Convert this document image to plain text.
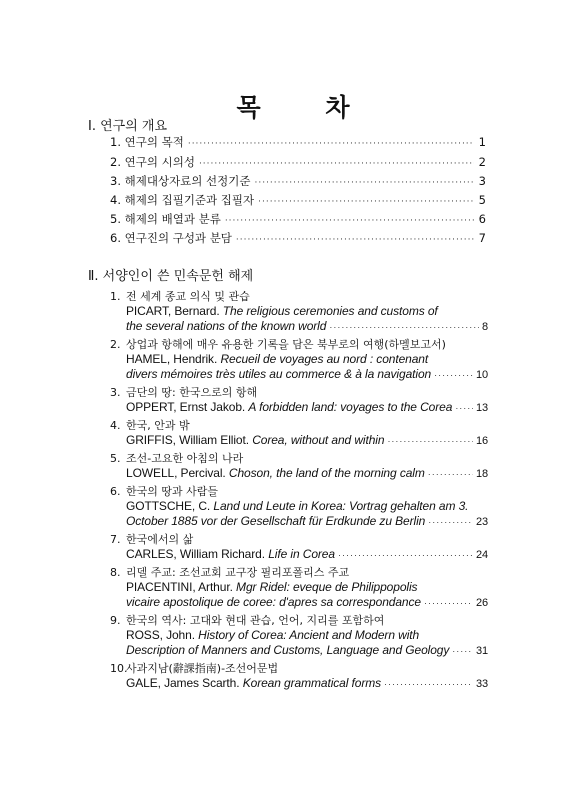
목 차
Ⅰ. 연구의 개요
1. 연구의 목적 ·····	1
2. 연구의 시의성 ·····	2
3. 해제대상자료의 선정기준 ·····	3
4. 해제의 집필기준과 집필자 ·····	5
5. 해제의 배열과 분류 ·····	6
6. 연구진의 구성과 분담 ·····	7
Ⅱ. 서양인이 쓴 민속문헌 해제
1. 전 세계 종교 의식 및 관습
PICART, Bernard. The religious ceremonies and customs of
the several nations of the known world ·····	8
2. 상업과 항해에 매우 유용한 기록을 담은 북부로의 여행(하멜보고서)
HAMEL, Hendrik. Recueil de voyages au nord : contenant
divers mémoires très utiles au commerce & à la navigation ·····	10
3. 금단의 땅: 한국으로의 항해
OPPERT, Ernst Jakob. A forbidden land: voyages to the Corea ····· 13
4. 한국, 안과 밖
GRIFFIS, William Elliot. Corea, without and within ·····	16
5. 조선-고요한 아침의 나라
LOWELL, Percival. Choson, the land of the morning calm ·····	18
6. 한국의 땅과 사람들
GOTTSCHE, C. Land und Leute in Korea: Vortrag gehalten am 3.
October 1885 vor der Gesellschaft für Erdkunde zu Berlin ·····	23
7. 한국에서의 삶
CARLES, William Richard. Life in Corea ·····	24
8. 리델 주교: 조선교회 교구장 필리포폴리스 주교
PIACENTINI, Arthur. Mgr Ridel: eveque de Philippopolis
vicaire apostolique de coree: d'apres sa correspondance ·····	26
9. 한국의 역사: 고대와 현대 관습, 언어, 지리를 포함하여
ROSS, John. History of Corea: Ancient and Modern with
Description of Manners and Customs, Language and Geology ····· 31
10.사과지남(辭課指南)-조선어문법
GALE, James Scarth. Korean grammatical forms ·····	33
